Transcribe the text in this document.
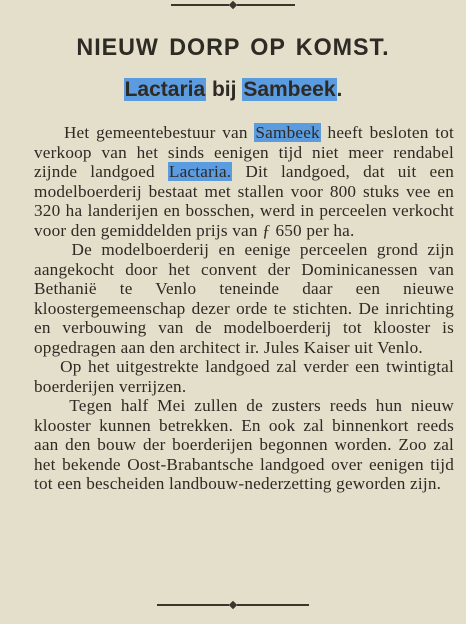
NIEUW DORP OP KOMST.
Lactaria bij Sambeek.

Het gemeentebestuur van Sambeek heeft besloten tot verkoop van het sinds eenigen tijd niet meer rendabel zijnde landgoed Lactaria. Dit landgoed, dat uit een modelboerderij bestaat met stallen voor 800 stuks vee en 320 ha landerijen en bosschen, werd in perceelen verkocht voor den gemiddelden prijs van ƒ 650 per ha.

De modelboerderij en eenige perceelen grond zijn aangekocht door het convent der Dominicanessen van Bethanië te Venlo teneinde daar een nieuwe kloostergemeenschap dezer orde te stichten. De inrichting en verbouwing van de modelboerderij tot klooster is opgedragen aan den architect ir. Jules Kaiser uit Venlo.

Op het uitgestrekte landgoed zal verder een twintigtal boerderijen verrijzen.

Tegen half Mei zullen de zusters reeds hun nieuw klooster kunnen betrekken. En ook zal binnenkort reeds aan den bouw der boerderijen begonnen worden. Zoo zal het bekende Oost-Brabantsche landgoed over eenigen tijd tot een bescheiden landbouw-nederzetting geworden zijn.
